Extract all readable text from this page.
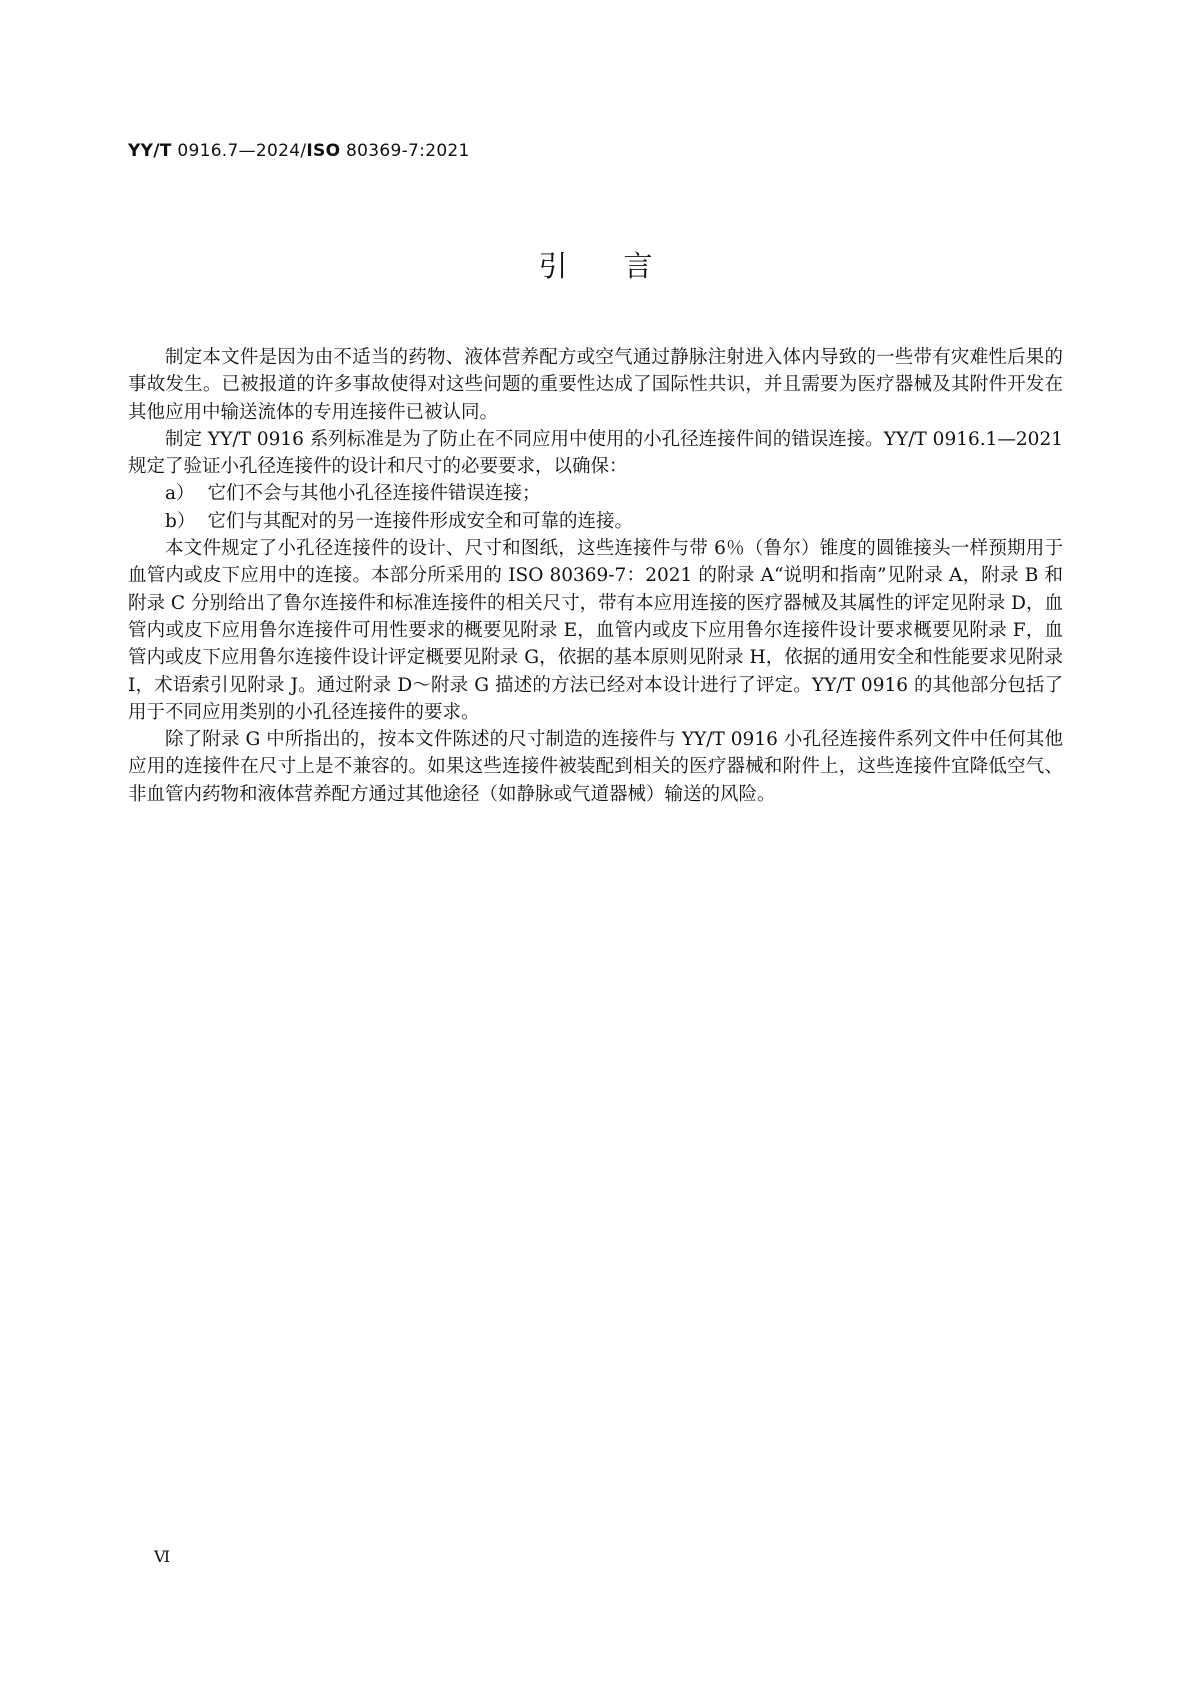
YY/T 0916.7—2024/ISO 80369-7:2021
引言

制定本文件是因为由不适当的药物、液体营养配方或空气通过静脉注射进入体内导致的一些带有灾难性后果的事故发生。已被报道的许多事故使得对这些问题的重要性达成了国际性共识，并且需要为医疗器械及其附件开发在其他应用中输送流体的专用连接件已被认同。

制定 YY/T 0916 系列标准是为了防止在不同应用中使用的小孔径连接件间的错误连接。YY/T 0916.1—2021 规定了验证小孔径连接件的设计和尺寸的必要要求，以确保：

a） 它们不会与其他小孔径连接件错误连接；
b） 它们与其配对的另一连接件形成安全和可靠的连接。

本文件规定了小孔径连接件的设计、尺寸和图纸，这些连接件与带 6％（鲁尔）锥度的圆锥接头一样预期用于血管内或皮下应用中的连接。本部分所采用的 ISO 80369-7：2021 的附录 A“说明和指南”见附录 A，附录 B 和附录 C 分别给出了鲁尔连接件和标准连接件的相关尺寸，带有本应用连接的医疗器械及其属性的评定见附录 D，血管内或皮下应用鲁尔连接件可用性要求的概要见附录 E，血管内或皮下应用鲁尔连接件设计要求概要见附录 F，血管内或皮下应用鲁尔连接件设计评定概要见附录 G，依据的基本原则见附录 H，依据的通用安全和性能要求见附录 I，术语索引见附录 J。通过附录 D～附录 G 描述的方法已经对本设计进行了评定。YY/T 0916 的其他部分包括了用于不同应用类别的小孔径连接件的要求。

除了附录 G 中所指出的，按本文件陈述的尺寸制造的连接件与 YY/T 0916 小孔径连接件系列文件中任何其他应用的连接件在尺寸上是不兼容的。如果这些连接件被装配到相关的医疗器械和附件上，这些连接件宜降低空气、非血管内药物和液体营养配方通过其他途径（如静脉或气道器械）输送的风险。

Ⅵ
